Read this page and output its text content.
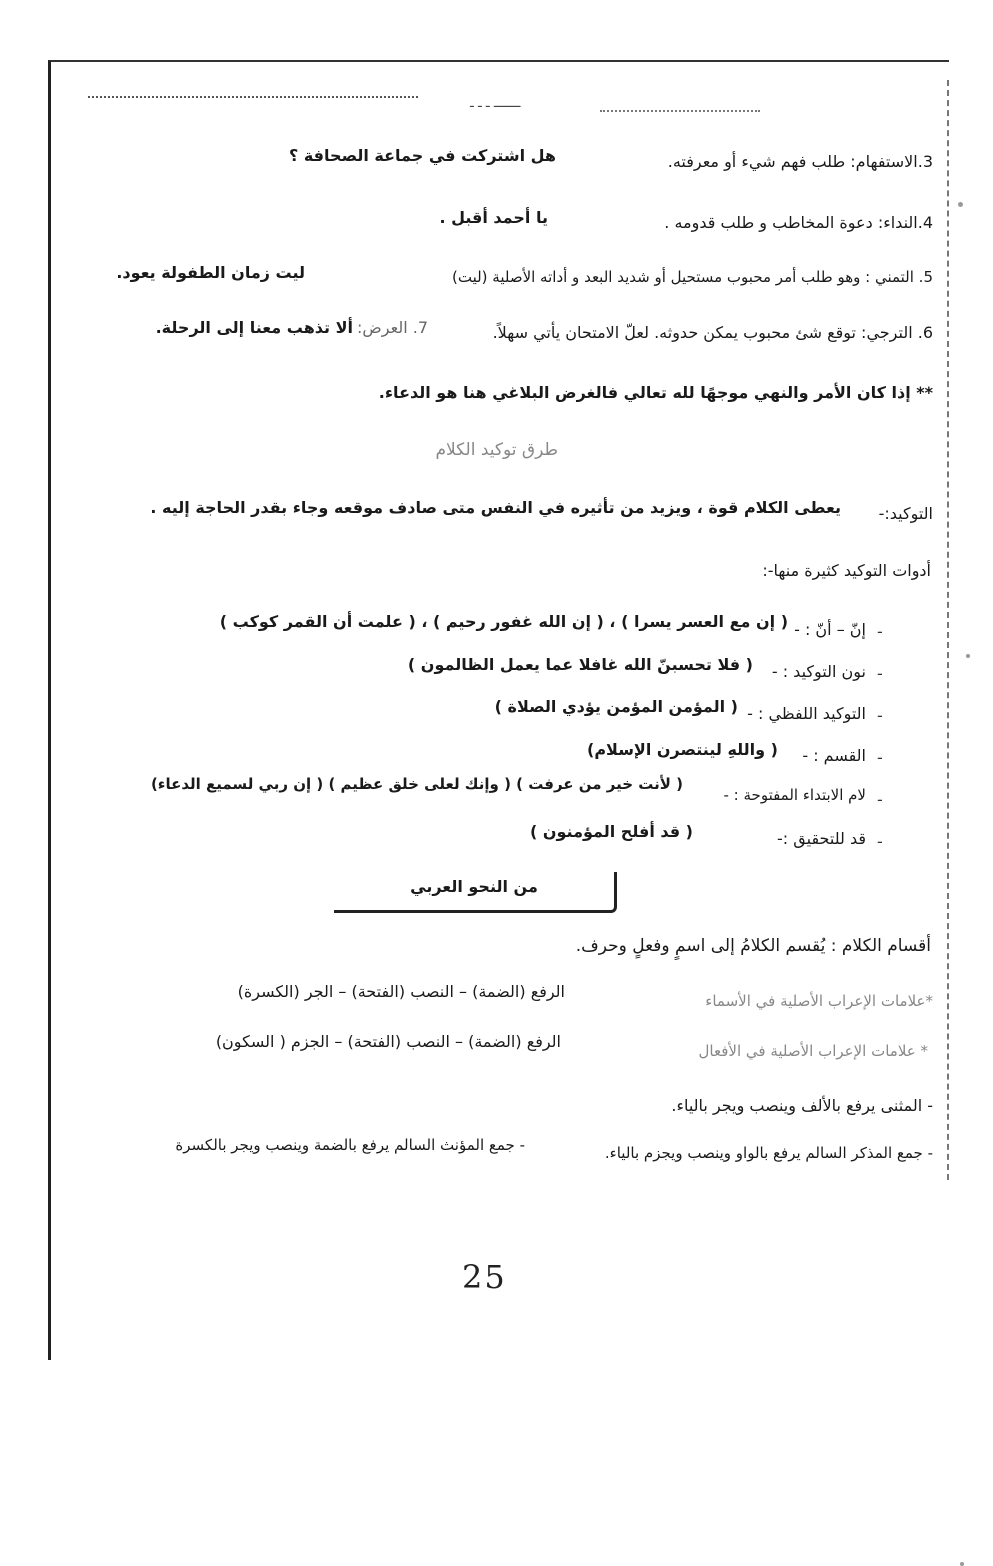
ـــــــ ـ ـ ـ
3.الاستفهام: طلب فهم شيء أو معرفته.
هل اشتركت في جماعة الصحافة ؟
4.النداء: دعوة المخاطب و طلب قدومه .
يا أحمد أقبل .
5. التمني : وهو طلب أمر محبوب مستحيل أو شديد البعد و أداته الأصلية (ليت)
ليت زمان الطفولة يعود.
6. الترجي: توقع شئ محبوب يمكن حدوثه. لعلّ الامتحان يأتي سهلاً.
7. العرض:
ألا تذهب معنا إلى الرحلة.
** إذا كان الأمر والنهي موجهًا لله تعالي فالغرض البلاغي هنا هو الدعاء.
طرق توكيد الكلام
التوكيد:-
يعطى الكلام قوة ، ويزيد من تأثيره في النفس متى صادف موقعه وجاء بقدر الحاجة إليه .
أدوات التوكيد كثيرة منها-:
-
إنّ – أنّ : -
( إن مع العسر يسرا ) ، ( إن الله غفور رحيم ) ، ( علمت أن القمر كوكب )
-
نون التوكيد : -
( فلا تحسبنّ الله غافلا عما يعمل الظالمون )
-
التوكيد اللفظي : -
( المؤمن المؤمن يؤدي الصلاة )
-
القسم : -
( واللهِ لينتصرن الإسلام)
-
لام الابتداء المفتوحة : -
( لأنت خير من عرفت ) ( وإنك لعلى خلق عظيم ) ( إن ربي لسميع الدعاء)
-
قد للتحقيق :-
( قد أفلح المؤمنون )
من النحو العربي
أقسام الكلام : يُقسم الكلامُ إلى اسمٍ وفعلٍ وحرف.
*علامات الإعراب الأصلية في الأسماء
الرفع (الضمة) – النصب (الفتحة) – الجر (الكسرة)
* علامات الإعراب الأصلية في الأفعال
الرفع (الضمة) – النصب (الفتحة) – الجزم ( السكون)
- المثنى يرفع بالألف وينصب ويجر بالياء.
- جمع المذكر السالم يرفع بالواو وينصب ويجزم بالياء.
- جمع المؤنث السالم يرفع بالضمة وينصب ويجر بالكسرة
25
